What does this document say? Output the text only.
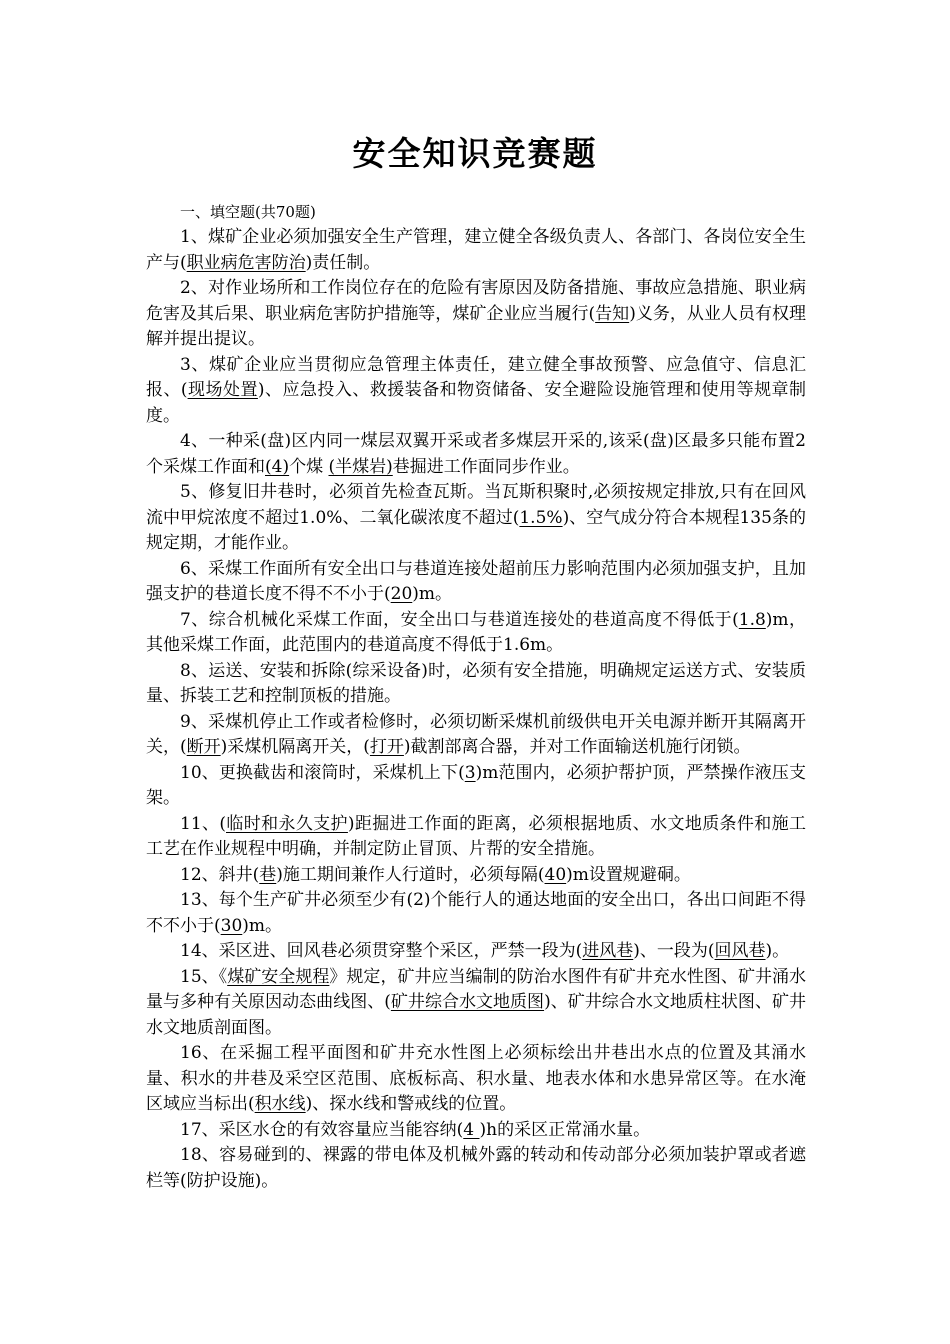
安全知识竞赛题

一、填空题(共70题)

1、煤矿企业必须加强安全生产管理，建立健全各级负责人、各部门、各岗位安全生产与(职业病危害防治)责任制。

2、对作业场所和工作岗位存在的危险有害原因及防备措施、事故应急措施、职业病危害及其后果、职业病危害防护措施等，煤矿企业应当履行(告知)义务，从业人员有权理解并提出提议。

3、煤矿企业应当贯彻应急管理主体责任，建立健全事故预警、应急值守、信息汇报、(现场处置)、应急投入、救援装备和物资储备、安全避险设施管理和使用等规章制度。

4、一种采(盘)区内同一煤层双翼开采或者多煤层开采的,该采(盘)区最多只能布置2个采煤工作面和(4)个煤 (半煤岩)巷掘进工作面同步作业。

5、修复旧井巷时，必须首先检查瓦斯。当瓦斯积聚时,必须按规定排放,只有在回风流中甲烷浓度不超过1.0%、二氧化碳浓度不超过(1.5%)、空气成分符合本规程135条的规定期，才能作业。

6、采煤工作面所有安全出口与巷道连接处超前压力影响范围内必须加强支护，且加强支护的巷道长度不得不不小于(20)m。

7、综合机械化采煤工作面，安全出口与巷道连接处的巷道高度不得低于(1.8)m，其他采煤工作面，此范围内的巷道高度不得低于1.6m。

8、运送、安装和拆除(综采设备)时，必须有安全措施，明确规定运送方式、安装质量、拆装工艺和控制顶板的措施。

9、采煤机停止工作或者检修时，必须切断采煤机前级供电开关电源并断开其隔离开关，(断开)采煤机隔离开关，(打开)截割部离合器，并对工作面输送机施行闭锁。

10、更换截齿和滚筒时，采煤机上下(3)m范围内，必须护帮护顶，严禁操作液压支架。

11、(临时和永久支护)距掘进工作面的距离，必须根据地质、水文地质条件和施工工艺在作业规程中明确，并制定防止冒顶、片帮的安全措施。

12、斜井(巷)施工期间兼作人行道时，必须每隔(40)m设置规避硐。

13、每个生产矿井必须至少有(2)个能行人的通达地面的安全出口，各出口间距不得不不小于(30)m。

14、采区进、回风巷必须贯穿整个采区，严禁一段为(进风巷)、一段为(回风巷)。

15、《煤矿安全规程》规定，矿井应当编制的防治水图件有矿井充水性图、矿井涌水量与多种有关原因动态曲线图、(矿井综合水文地质图)、矿井综合水文地质柱状图、矿井水文地质剖面图。

16、在采掘工程平面图和矿井充水性图上必须标绘出井巷出水点的位置及其涌水量、积水的井巷及采空区范围、底板标高、积水量、地表水体和水患异常区等。在水淹区域应当标出(积水线)、探水线和警戒线的位置。

17、采区水仓的有效容量应当能容纳(4 )h的采区正常涌水量。

18、容易碰到的、裸露的带电体及机械外露的转动和传动部分必须加装护罩或者遮栏等(防护设施)。
